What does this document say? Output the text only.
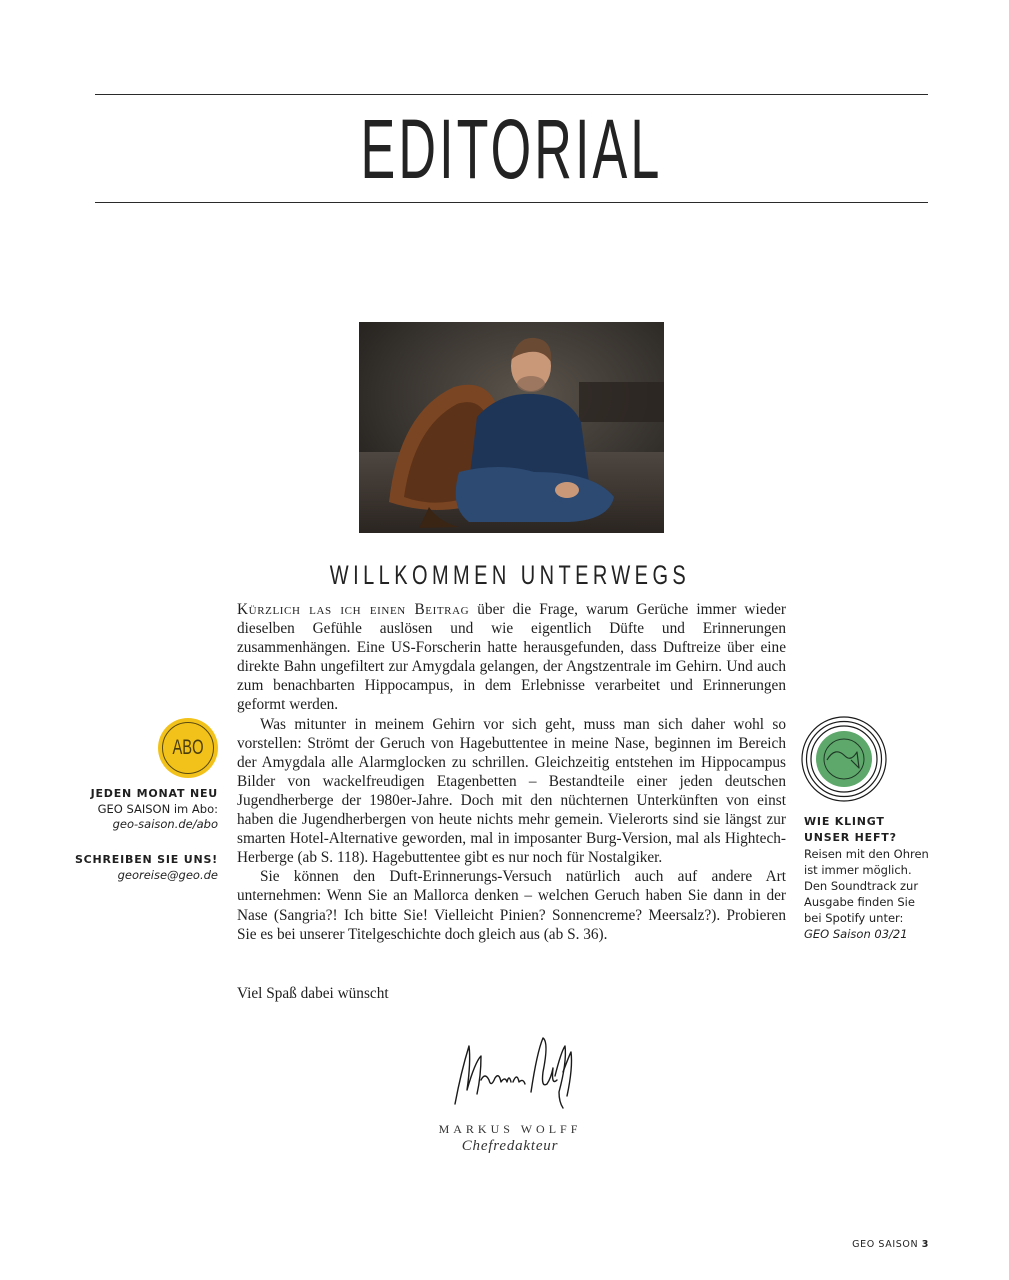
EDITORIAL
WILLKOMMEN UNTERWEGS

Kürzlich las ich einen Beitrag über die Frage, warum Gerüche immer wieder dieselben Gefühle auslösen und wie eigentlich Düfte und Erinnerungen zusammenhängen. Eine US-Forscherin hatte herausgefunden, dass Duftreize über eine direkte Bahn ungefiltert zur Amygdala gelangen, der Angstzentrale im Gehirn. Und auch zum benachbarten Hippocampus, in dem Erlebnisse verarbeitet und Erinnerungen geformt werden.

Was mitunter in meinem Gehirn vor sich geht, muss man sich daher wohl so vorstellen: Strömt der Geruch von Hagebuttentee in meine Nase, beginnen im Bereich der Amygdala alle Alarmglocken zu schrillen. Gleichzeitig entstehen im Hippocampus Bilder von wackelfreudigen Etagenbetten – Bestandteile einer jeden deutschen Jugendherberge der 1980er-Jahre. Doch mit den nüchternen Unterkünften von einst haben die Jugendherbergen von heute nichts mehr gemein. Vielerorts sind sie längst zur smarten Hotel-Alternative geworden, mal in imposanter Burg-Version, mal als Hightech-Herberge (ab S. 118). Hagebuttentee gibt es nur noch für Nostalgiker.

Sie können den Duft-Erinnerungs-Versuch natürlich auch auf andere Art unternehmen: Wenn Sie an Mallorca denken – welchen Geruch haben Sie dann in der Nase (Sangria?! Ich bitte Sie! Vielleicht Pinien? Sonnencreme? Meersalz?). Probieren Sie es bei unserer Titelgeschichte doch gleich aus (ab S. 36).

Viel Spaß dabei wünscht
MARKUS WOLFF
Chefredakteur
ABO
JEDEN MONAT NEU
GEO SAISON im Abo:
geo-saison.de/abo
SCHREIBEN SIE UNS!
georeise@geo.de
WIE KLINGT
UNSER HEFT?
Reisen mit den Ohren
ist immer möglich.
Den Soundtrack zur
Ausgabe finden Sie
bei Spotify unter:
GEO Saison 03/21
GEO SAISON 3
